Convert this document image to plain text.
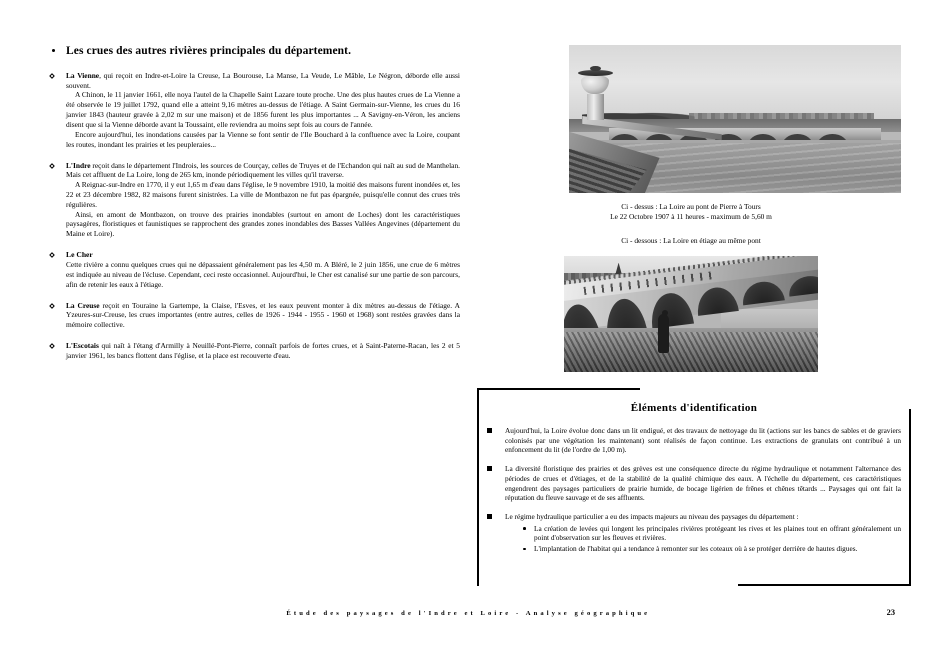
Les crues des autres rivières principales du département.

La Vienne, qui reçoit en Indre-et-Loire la Creuse, La Bourouse, La Manse, La Veude, Le Mâble, Le Négron, déborde elle aussi souvent.

A Chinon, le 11 janvier 1661, elle noya l'autel de la Chapelle Saint Lazare toute proche. Une des plus hautes crues de La Vienne a été observée le 19 juillet 1792, quand elle a atteint 9,16 mètres au-dessus de l'étiage. A Saint Germain-sur-Vienne, les crues du 16 janvier 1843 (hauteur gravée à 2,02 m sur une maison) et de 1856 furent les plus importantes ... A Savigny-en-Véron, les anciens disent que si la Vienne déborde avant la Toussaint, elle reviendra au moins sept fois au cours de l'année.

Encore aujourd'hui, les inondations causées par la Vienne se font sentir de l'Ile Bouchard à la confluence avec la Loire, coupant les routes, inondant les prairies et les peupleraies...

L'Indre reçoit dans le département l'Indrois, les sources de Courçay, celles de Truyes et de l'Echandon qui naît au sud de Manthelan. Mais cet affluent de La Loire, long de 265 km, inonde périodiquement les villes qu'il traverse.

A Reignac-sur-Indre en 1770, il y eut 1,65 m d'eau dans l'église, le 9 novembre 1910, la moitié des maisons furent inondées et, les 22 et 23 décembre 1982, 82 maisons furent sinistrées. La ville de Montbazon ne fut pas épargnée, puisqu'elle connut des crues très régulières.

Ainsi, en amont de Montbazon, on trouve des prairies inondables (surtout en amont de Loches) dont les caractéristiques paysagères, floristiques et faunistiques se rapprochent des grandes zones inondables des Basses Vallées Angevines (département du Maine et Loire).

Le Cher

Cette rivière a connu quelques crues qui ne dépassaient généralement pas les 4,50 m. A Bléré, le 2 juin 1856, une crue de 6 mètres est indiquée au niveau de l'écluse. Cependant, ceci reste occasionnel. Aujourd'hui, le Cher est canalisé sur une partie de son parcours, afin de retenir les eaux à l'étiage.

La Creuse reçoit en Touraine la Gartempe, la Claise, l'Esves, et les eaux peuvent monter à dix mètres au-dessus de l'étiage. A Yzeures-sur-Creuse, les crues importantes (entre autres, celles de 1926 - 1944 - 1955 - 1960 et 1968) sont restées gravées dans la mémoire collective.

L'Escotais qui naît à l'étang d'Armilly à Neuillé-Pont-Pierre, connaît parfois de fortes crues, et à Saint-Paterne-Racan, les 2 et 5 janvier 1961, les bancs flottent dans l'église, et la place est recouverte d'eau.

Ci - dessus : La Loire au pont de Pierre à Tours

Le 22 Octobre 1907 à 11 heures - maximum de 5,60 m

Ci - dessous : La Loire en étiage au même pont

Éléments d'identification
Aujourd'hui, la Loire évolue donc dans un lit endigué, et des travaux de nettoyage du lit (actions sur les bancs de sables et de graviers colonisés par une végétation les maintenant) sont réalisés de façon continue. Les extractions de granulats ont contribué à un enfoncement du lit (de l'ordre de 1,00 m).
La diversité floristique des prairies et des grèves est une conséquence directe du régime hydraulique et notamment l'alternance des périodes de crues et d'étiages, et de la stabilité de la qualité chimique des eaux. A l'échelle du département, ces caractéristiques engendrent des paysages particuliers de prairie humide, de bocage ligérien de frênes et chênes têtards ... Paysages qui ont fait la réputation du fleuve sauvage et de ses affluents.
Le régime hydraulique particulier a eu des impacts majeurs au niveau des paysages du département :
La création de levées qui longent les principales rivières protégeant les rives et les plaines tout en offrant généralement un point d'observation sur les fleuves et rivières.
L'implantation de l'habitat qui a tendance à remonter sur les coteaux où à se protéger derrière de hautes digues.
Étude des paysages de l'Indre et Loire - Analyse géographique	23
